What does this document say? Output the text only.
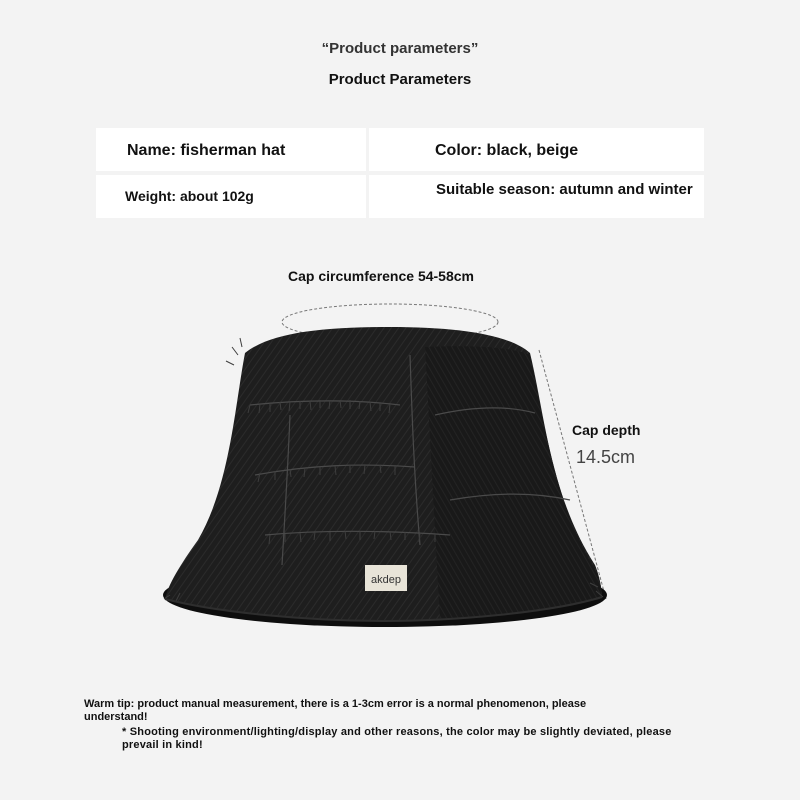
“Product parameters”
Product Parameters
Name: fisherman hat	Color: black, beige
Weight: about 102g	Suitable season: autumn and winter
Cap circumference 54-58cm
akdep
Cap depth
14.5cm
Warm tip: product manual measurement, there is a 1-3cm error is a normal phenomenon, please understand!
* Shooting environment/lighting/display and other reasons, the color may be slightly deviated, please prevail in kind!
